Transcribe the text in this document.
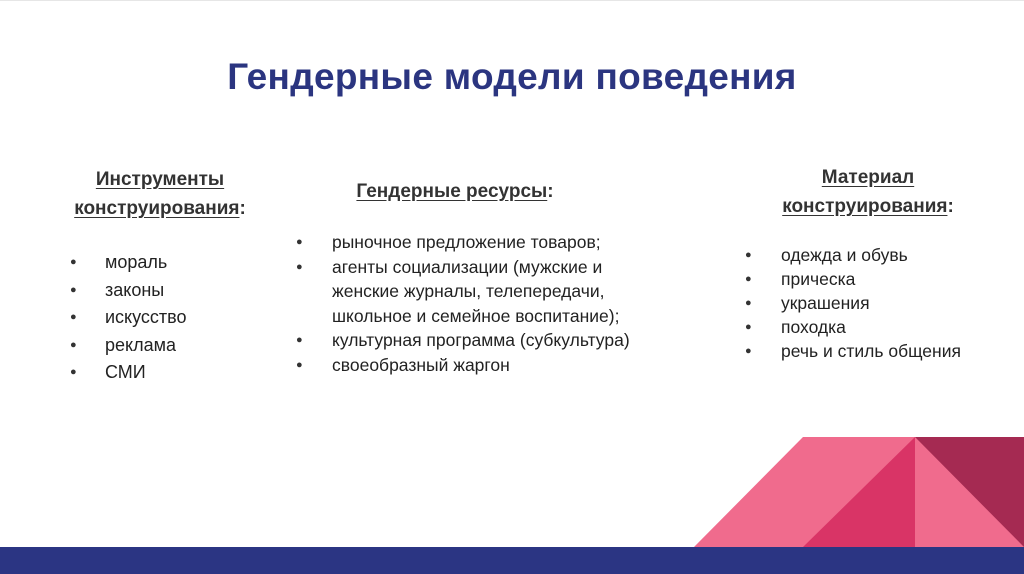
Гендерные модели поведения
Инструменты
конструирования:
● мораль
● законы
● искусство
● реклама
● СМИ
Гендерные ресурсы:
● рыночное предложение товаров;
● агенты социализации (мужские и женские журналы, телепередачи, школьное и семейное воспитание);
● культурная программа (субкультура)
● своеобразный жаргон
Материал
конструирования:
● одежда и обувь
● прическа
● украшения
● походка
● речь и стиль общения
